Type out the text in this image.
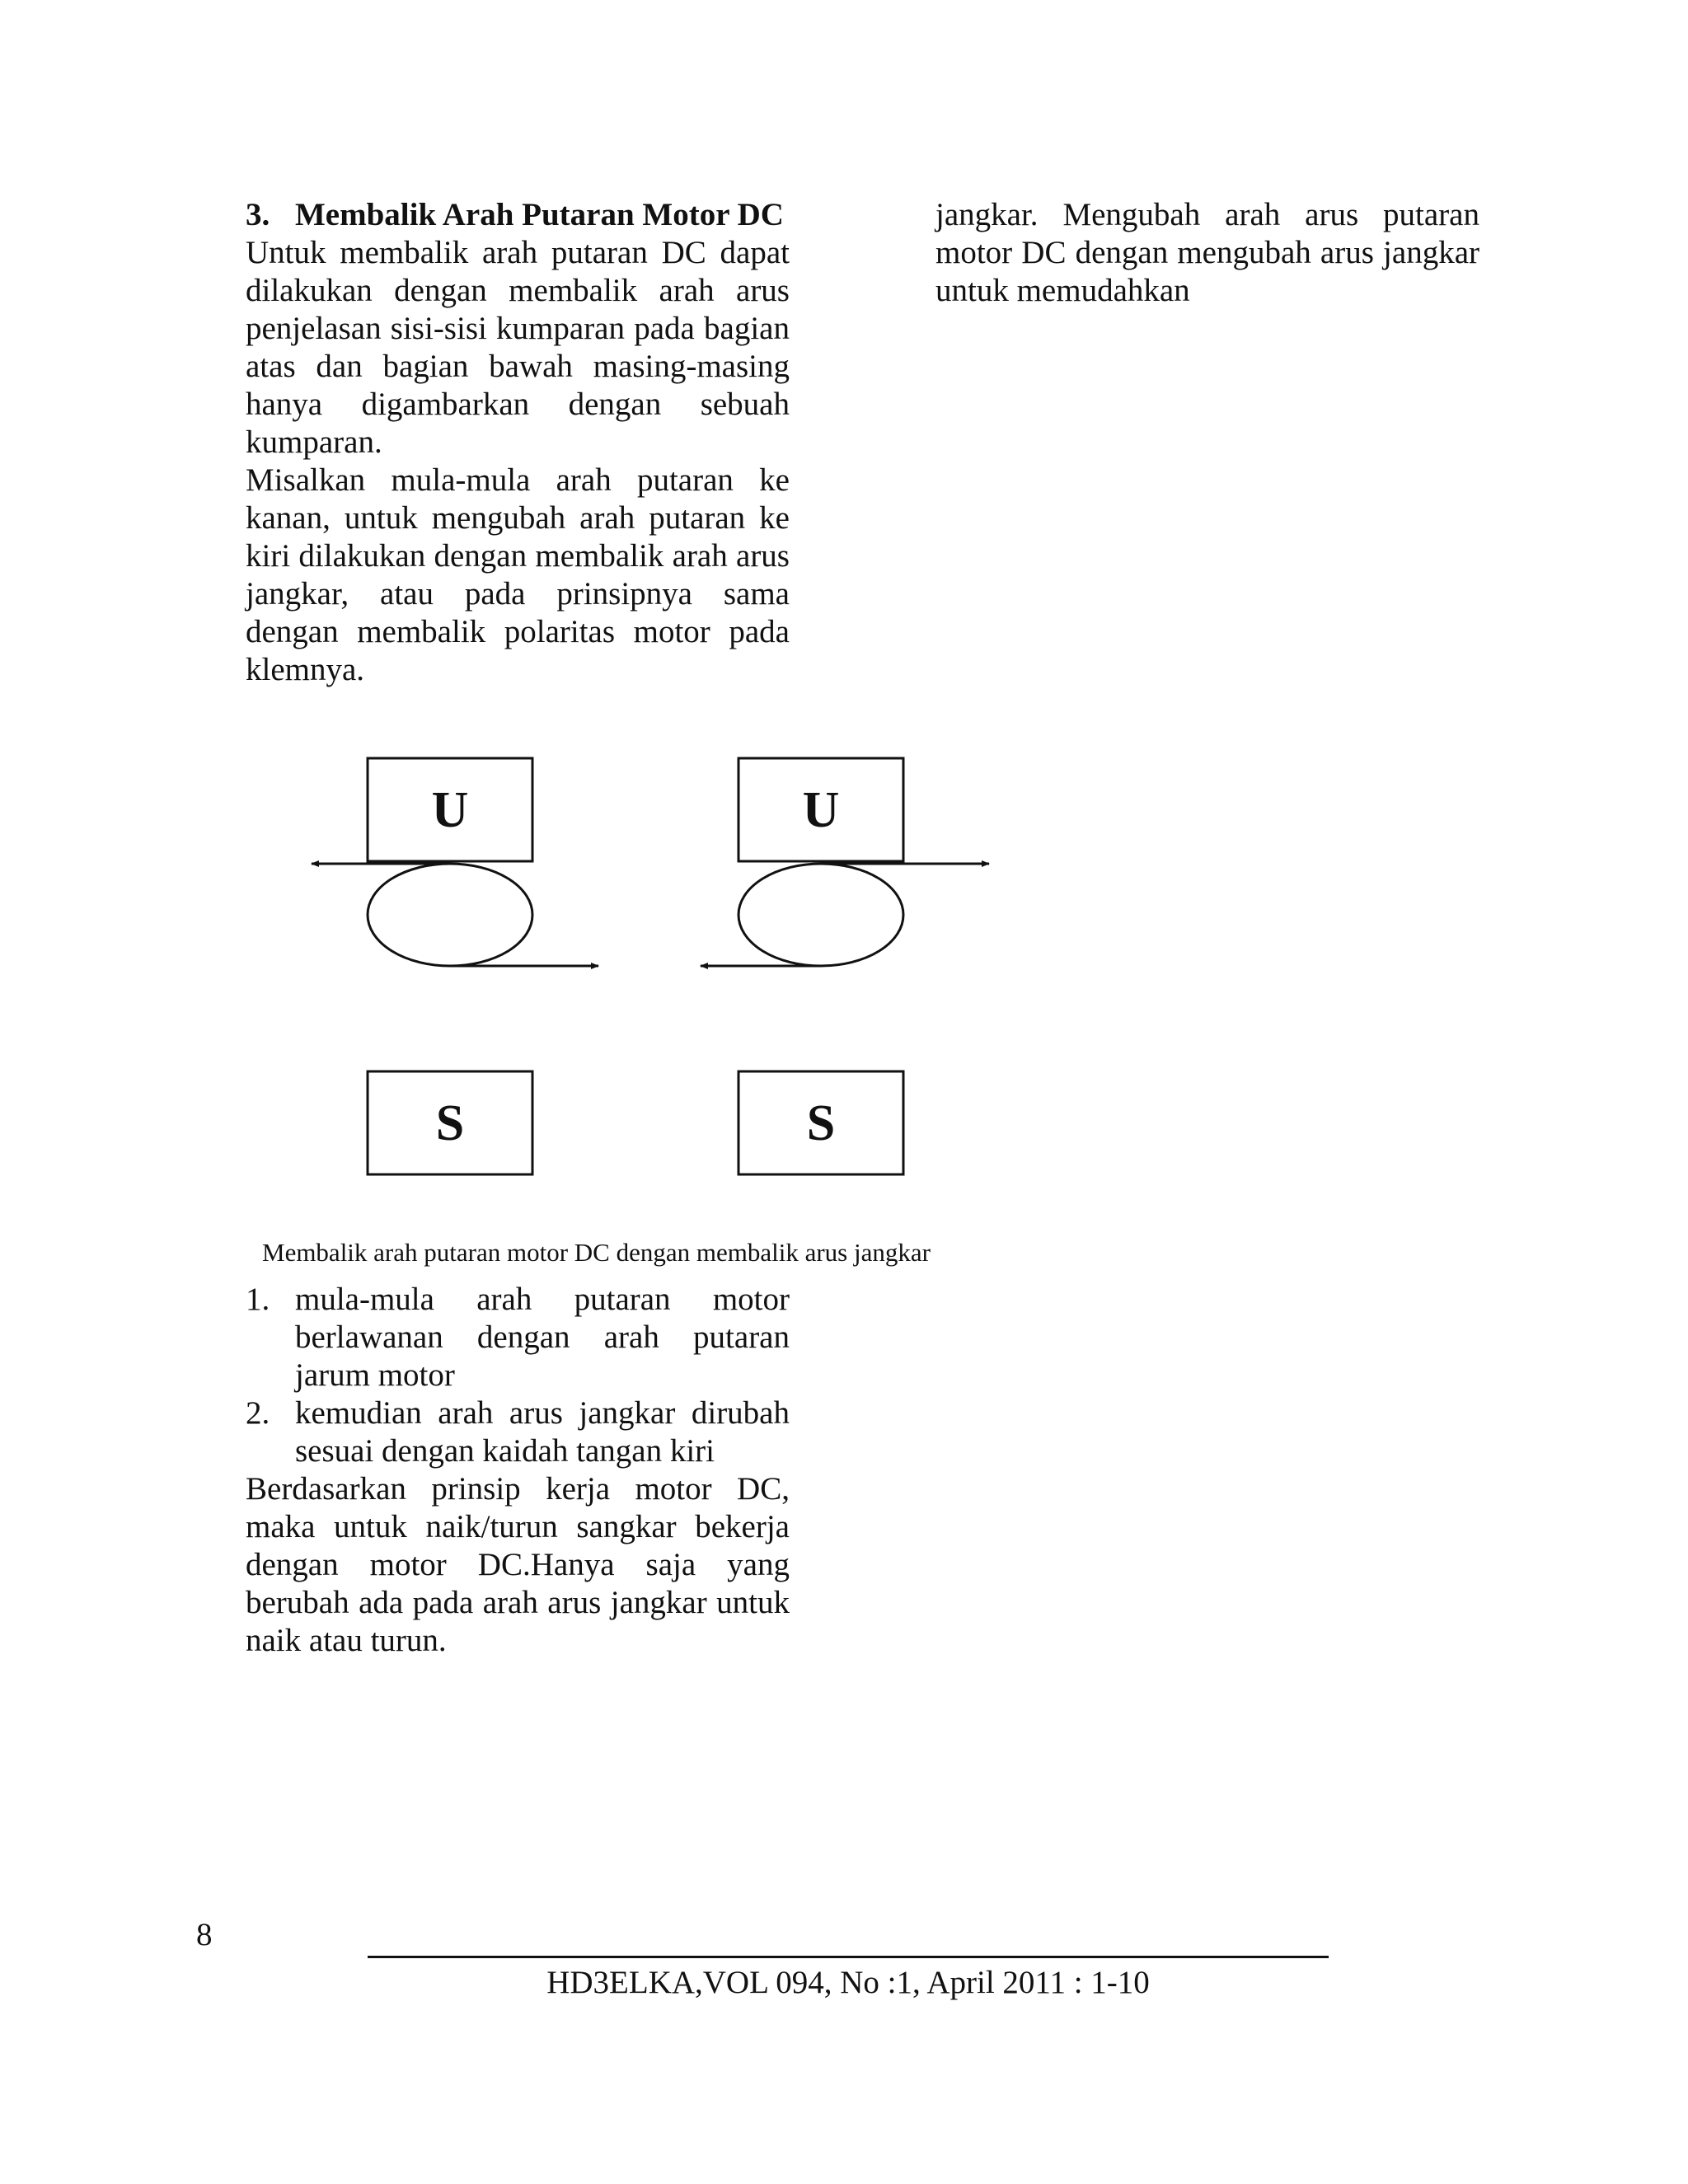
3. Membalik Arah Putaran Motor DC

Untuk membalik arah putaran DC dapat dilakukan dengan membalik arah arus penjelasan sisi-sisi kumparan pada bagian atas dan bagian bawah masing-masing hanya digambarkan dengan sebuah kumparan.

Misalkan mula-mula arah putaran ke kanan, untuk mengubah arah putaran ke kiri dilakukan dengan membalik arah arus jangkar, atau pada prinsipnya sama dengan membalik polaritas motor pada klemnya.

jangkar. Mengubah arah arus putaran motor DC dengan mengubah arus jangkar untuk memudahkan

U
S
U
S
Membalik arah putaran motor DC dengan membalik arus jangkar
1. mula-mula arah putaran motor berlawanan dengan arah putaran jarum motor
2. kemudian arah arus jangkar dirubah sesuai dengan kaidah tangan kiri

Berdasarkan prinsip kerja motor DC, maka untuk naik/turun sangkar bekerja dengan motor DC.Hanya saja yang berubah ada pada arah arus jangkar untuk naik atau turun.

8
HD3ELKA,VOL 094, No :1, April 2011 : 1-10
